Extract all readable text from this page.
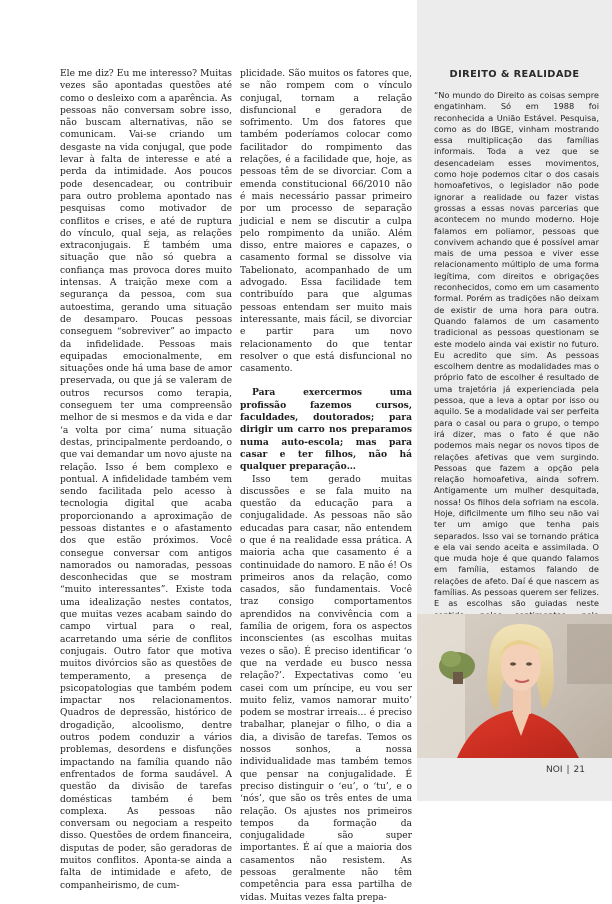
Ele me diz? Eu me interesso? Muitas vezes são apontadas questões até como o desleixo com a aparência. As pessoas não conversam sobre isso, não buscam alternativas, não se comunicam. Vai-se criando um desgaste na vida conjugal, que pode levar à falta de interesse e até a perda da intimidade. Aos poucos pode desencadear, ou contribuir para outro problema apontado nas pesquisas como motivador de conflitos e crises, e até de ruptura do vínculo, qual seja, as relações extraconjugais. É também uma situação que não só quebra a confiança mas provoca dores muito intensas. A traição mexe com a segurança da pessoa, com sua autoestima, gerando uma situação de desamparo. Poucas pessoas conseguem “sobreviver” ao impacto da infidelidade. Pessoas mais equipadas emocionalmente, em situações onde há uma base de amor preservada, ou que já se valeram de outros recursos como terapia, conseguem ter uma compreensão melhor de si mesmos e da vida e dar ‘a volta por cima’ numa situação destas, principalmente perdoando, o que vai demandar um novo ajuste na relação. Isso é bem complexo e pontual. A infidelidade também vem sendo facilitada pelo acesso à tecnologia digital que acaba proporcionando a aproximação de pessoas distantes e o afastamento dos que estão próximos. Você consegue conversar com antigos namorados ou namoradas, pessoas desconhecidas que se mostram “muito interessantes”. Existe toda uma idealização nestes contatos, que muitas vezes acabam saindo do campo virtual para o real, acarretando uma série de conflitos conjugais. Outro fator que motiva muitos divórcios são as questões de temperamento, a presença de psicopatologias que também podem impactar nos relacionamentos. Quadros de depressão, histórico de drogadição, alcoolismo, dentre outros podem conduzir a vários problemas, desordens e disfunções impactando na família quando não enfrentados de forma saudável. A questão da divisão de tarefas domésticas também é bem complexa. As pessoas não conversam ou negociam a respeito disso. Questões de ordem financeira, disputas de poder, são geradoras de muitos conflitos. Aponta-se ainda a falta de intimidade e afeto, de companheirismo, de cum-

plicidade. São muitos os fatores que, se não rompem com o vínculo conjugal, tornam a relação disfuncional e geradora de sofrimento. Um dos fatores que também poderíamos colocar como facilitador do rompimento das relações, é a facilidade que, hoje, as pessoas têm de se divorciar. Com a emenda constitucional 66/2010 não é mais necessário passar primeiro por um processo de separação judicial e nem se discutir a culpa pelo rompimento da união. Além disso, entre maiores e capazes, o casamento formal se dissolve via Tabelionato, acompanhado de um advogado. Essa facilidade tem contribuído para que algumas pessoas entendam ser muito mais interessante, mais fácil, se divorciar e partir para um novo relacionamento do que tentar resolver o que está disfuncional no casamento.

Para exercermos uma profissão fazemos cursos, faculdades, doutorados; para dirigir um carro nos preparamos numa auto-escola; mas para casar e ter filhos, não há qualquer preparação…

Isso tem gerado muitas discussões e se fala muito na questão da educação para a conjugalidade. As pessoas não são educadas para casar, não entendem o que é na realidade essa prática. A maioria acha que casamento é a continuidade do namoro. E não é! Os primeiros anos da relação, como casados, são fundamentais. Você traz consigo comportamentos aprendidos na convivência com a família de origem, fora os aspectos inconscientes (as escolhas muitas vezes o são). É preciso identificar ‘o que na verdade eu busco nessa relação?’. Expectativas como ‘eu casei com um príncipe, eu vou ser muito feliz, vamos namorar muito’ podem se mostrar irreais… é preciso trabalhar, planejar o filho, o dia a dia, a divisão de tarefas. Temos os nossos sonhos, a nossa individualidade mas também temos que pensar na conjugalidade. É preciso distinguir o ‘eu’, o ‘tu’, e o ‘nós’, que são os três entes de uma relação. Os ajustes nos primeiros tempos da formação da conjugalidade são super importantes. É aí que a maioria dos casamentos não resistem. As pessoas geralmente não têm competência para essa partilha de vidas. Muitas vezes falta prepa-

DIREITO & REALIDADE

“No mundo do Direito as coisas sempre engatinham. Só em 1988 foi reconhecida a União Estável. Pesquisa, como as do IBGE, vinham mostrando essa multiplicação das famílias informais. Toda a vez que se desencadeiam esses movimentos, como hoje podemos citar o dos casais homoafetivos, o legislador não pode ignorar a realidade ou fazer vistas grossas a essas novas parcerias que acontecem no mundo moderno. Hoje falamos em poliamor, pessoas que convivem achando que é possível amar mais de uma pessoa e viver esse relacionamento múltiplo de uma forma legítima, com direitos e obrigações reconhecidos, como em um casamento formal. Porém as tradições não deixam de existir de uma hora para outra. Quando falamos de um casamento tradicional as pessoas questionam se este modelo ainda vai existir no futuro. Eu acredito que sim. As pessoas escolhem dentre as modalidades mas o próprio fato de escolher é resultado de uma trajetória já experienciada pela pessoa, que a leva a optar por isso ou aquilo. Se a modalidade vai ser perfeita para o casal ou para o grupo, o tempo irá dizer, mas o fato é que não podemos mais negar os novos tipos de relações afetivas que vem surgindo. Pessoas que fazem a opção pela relação homoafetiva, ainda sofrem. Antigamente um mulher desquitada, nossa! Os filhos dela sofriam na escola. Hoje, dificilmente um filho seu não vai ter um amigo que tenha pais separados. Isso vai se tornando prática e ela vai sendo aceita e assimilada. O que muda hoje é que quando falamos em família, estamos falando de relações de afeto. Daí é que nascem as famílias. As pessoas querem ser felizes. E as escolhas são guiadas neste

NOI | 21
